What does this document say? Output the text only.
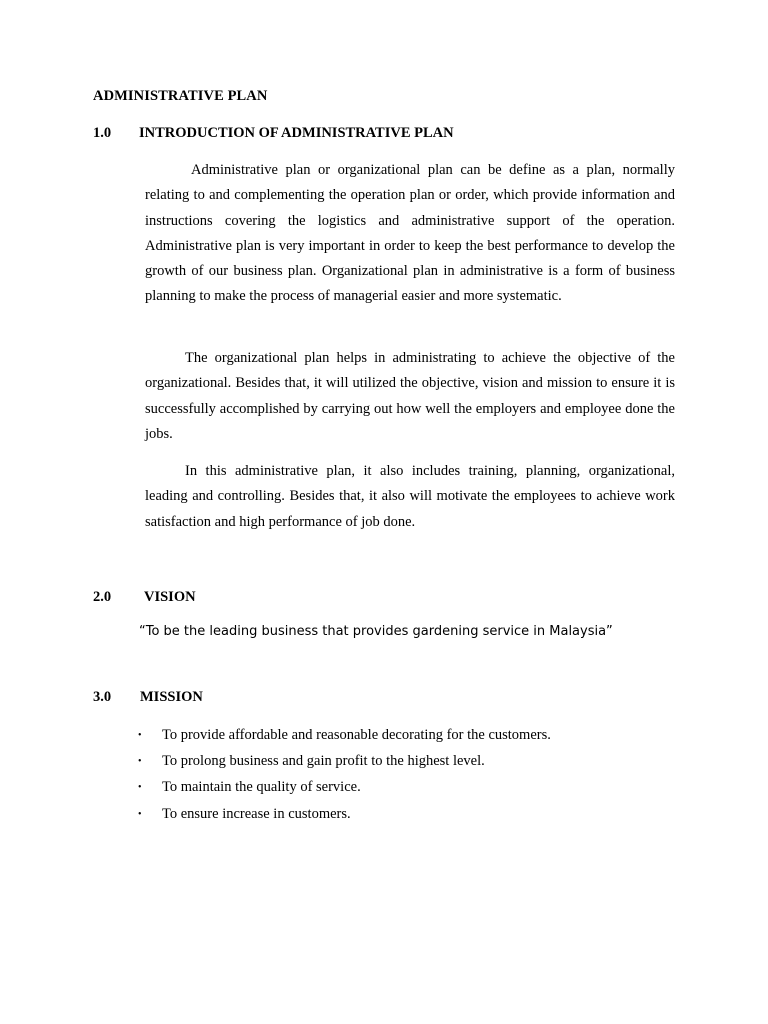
ADMINISTRATIVE PLAN
1.0 INTRODUCTION OF ADMINISTRATIVE PLAN

Administrative plan or organizational plan can be define as a plan, normally relating to and complementing the operation plan or order, which provide information and instructions covering the logistics and administrative support of the operation. Administrative plan is very important in order to keep the best performance to develop the growth of our business plan. Organizational plan in administrative is a form of business planning to make the process of managerial easier and more systematic.

The organizational plan helps in administrating to achieve the objective of the organizational. Besides that, it will utilized the objective, vision and mission to ensure it is successfully accomplished by carrying out how well the employers and employee done the jobs.

In this administrative plan, it also includes training, planning, organizational, leading and controlling. Besides that, it also will motivate the employees to achieve work satisfaction and high performance of job done.

2.0 VISION
“To be the leading business that provides gardening service in Malaysia”
3.0 MISSION
• To provide affordable and reasonable decorating for the customers.
• To prolong business and gain profit to the highest level.
• To maintain the quality of service.
• To ensure increase in customers.
